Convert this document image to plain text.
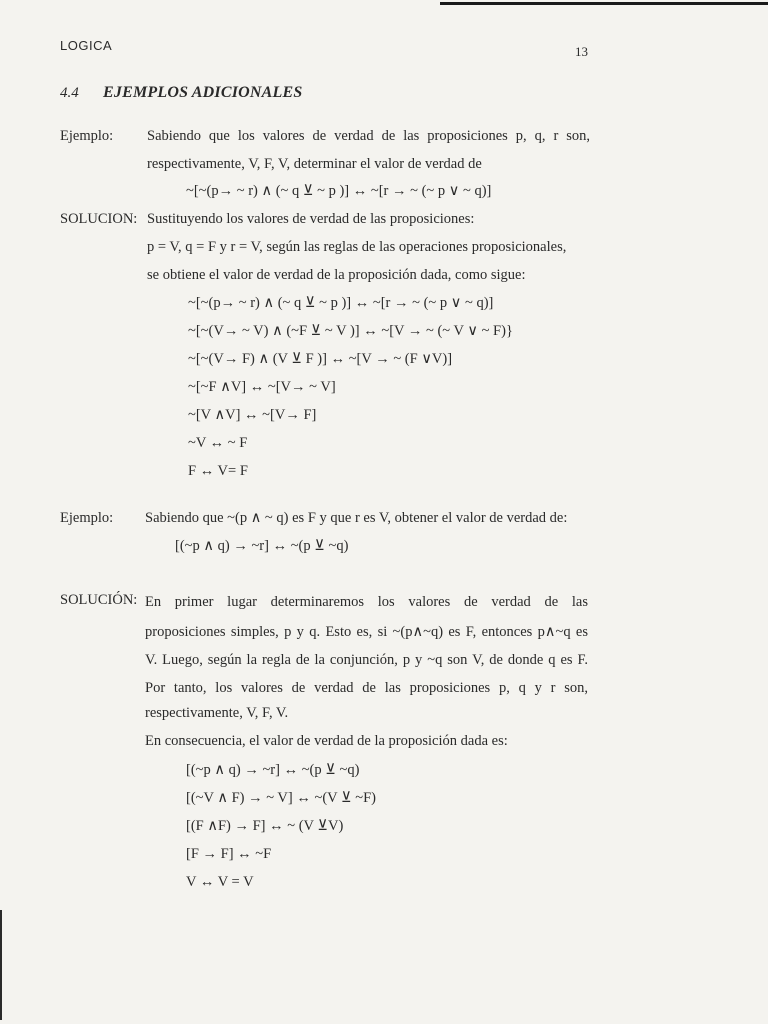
LOGICA	13
4.4 EJEMPLOS ADICIONALES
Ejemplo: Sabiendo que los valores de verdad de las proposiciones p, q, r son,
respectivamente, V, F, V, determinar el valor de verdad de
~[~(p→ ~ r) ∧ (~ q ⊻ ~ p )] ↔ ~[r → ~ (~ p ∨ ~ q)]
SOLUCION: Sustituyendo los valores de verdad de las proposiciones:
p = V, q = F y r = V, según las reglas de las operaciones proposicionales,
se obtiene el valor de verdad de la proposición dada, como sigue:
~[~(p→ ~ r) ∧ (~ q ⊻ ~ p )] ↔ ~[r → ~ (~ p ∨ ~ q)]
~[~(V→ ~ V) ∧ (~F ⊻ ~ V )] ↔ ~[V → ~ (~ V ∨ ~ F)}
~[~(V→ F) ∧ (V ⊻ F )] ↔ ~[V → ~ (F ∨V)]
~[~F ∧V] ↔ ~[V→ ~ V]
~[V ∧V] ↔ ~[V→ F]
~V ↔ ~ F
F ↔ V= F
Ejemplo: Sabiendo que ~(p ∧ ~ q) es F y que r es V, obtener el valor de verdad de:
[(~p ∧ q) → ~r] ↔ ~(p ⊻ ~q)
SOLUCIÓN: En primer lugar determinaremos los valores de verdad de las
proposiciones simples, p y q. Esto es, si ~(p∧~q) es F, entonces p∧~q es
V. Luego, según la regla de la conjunción, p y ~q son V, de donde q es F.
Por tanto, los valores de verdad de las proposiciones p, q y r son,
respectivamente, V, F, V.
En consecuencia, el valor de verdad de la proposición dada es:
[(~p ∧ q) → ~r] ↔ ~(p ⊻ ~q)
[(~V ∧ F) → ~ V] ↔ ~(V ⊻ ~F)
[(F ∧F) → F] ↔ ~ (V ⊻V)
[F → F] ↔ ~F
V ↔ V = V
